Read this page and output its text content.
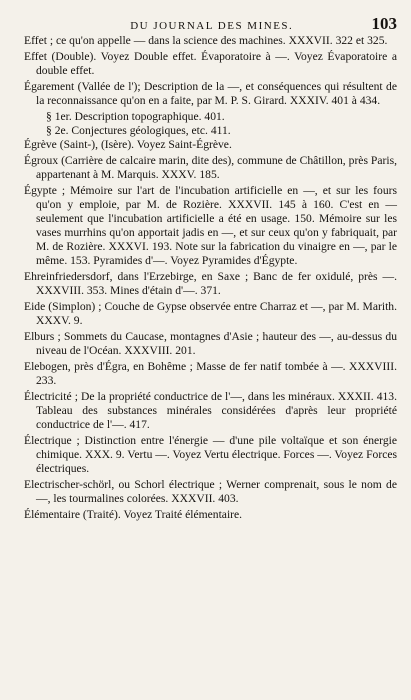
DU JOURNAL DES MINES.	103

Effet ; ce qu'on appelle — dans la science des machines. XXXVII. 322 et 325.

Effet (Double). Voyez Double effet. Évaporatoire à —. Voyez Évaporatoire a double effet.

Égarement (Vallée de l'); Description de la —, et conséquences qui résultent de la reconnaissance qu'on en a faite, par M. P. S. Girard. XXXIV. 401 à 434.

§ 1er. Description topographique. 401.

§ 2e. Conjectures géologiques, etc. 411.

Égrève (Saint-), (Isère). Voyez Saint-Égrève.

Égroux (Carrière de calcaire marin, dite des), commune de Châtillon, près Paris, appartenant à M. Marquis. XXXV. 185.

Égypte ; Mémoire sur l'art de l'incubation artificielle en —, et sur les fours qu'on y emploie, par M. de Rozière. XXXVII. 145 à 160. C'est en — seulement que l'incubation artificielle a été en usage. 150. Mémoire sur les vases murrhins qu'on apportait jadis en —, et sur ceux qu'on y fabriquait, par M. de Rozière. XXXVI. 193. Note sur la fabrication du vinaigre en —, par le même. 153. Pyramides d'—. Voyez Pyramides d'Égypte.

Ehreinfriedersdorf, dans l'Erzebirge, en Saxe ; Banc de fer oxidulé, près —. XXXVIII. 353. Mines d'étain d'—. 371.

Eide (Simplon) ; Couche de Gypse observée entre Charraz et —, par M. Marith. XXXV. 9.

Elburs ; Sommets du Caucase, montagnes d'Asie ; hauteur des —, au-dessus du niveau de l'Océan. XXXVIII. 201.

Elebogen, près d'Égra, en Bohême ; Masse de fer natif tombée à —. XXXVIII. 233.

Électricité ; De la propriété conductrice de l'—, dans les minéraux. XXXII. 413. Tableau des substances minérales considérées d'après leur propriété conductrice de l'—. 417.

Électrique ; Distinction entre l'énergie — d'une pile voltaïque et son énergie chimique. XXX. 9. Vertu —. Voyez Vertu électrique. Forces —. Voyez Forces électriques.

Electrischer-schörl, ou Schorl électrique ; Werner comprenait, sous le nom de —, les tourmalines colorées. XXXVII. 403.

Élémentaire (Traité). Voyez Traité élémentaire.
